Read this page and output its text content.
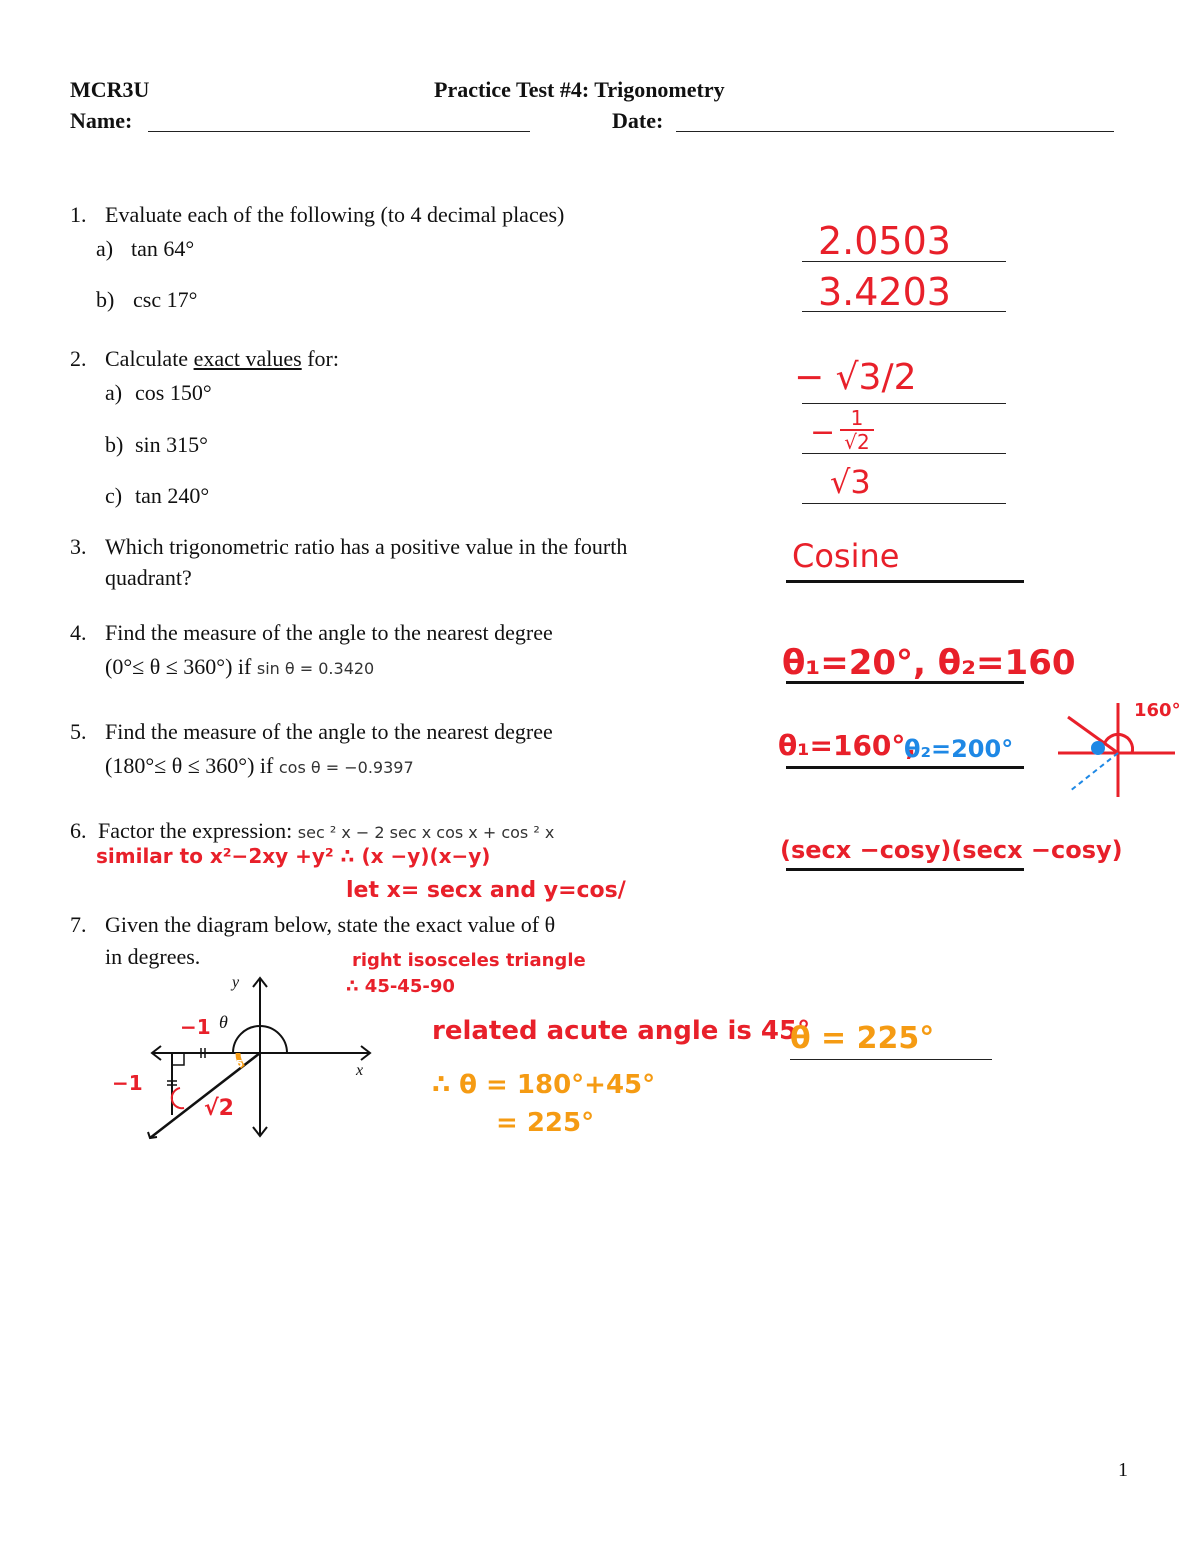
MCR3U	Practice Test #4: Trigonometry
Name:	Date:
1. Evaluate each of the following (to 4 decimal places)
a) tan 64°
b) csc 17°
2.0503
3.4203
2. Calculate exact values for:
a) cos 150°
b) sin 315°
c) tan 240°
− √3/2
− 1
√2
√3
3. Which trigonometric ratio has a positive value in the fourth
quadrant?
Cosine
4. Find the measure of the angle to the nearest degree
(0°≤ θ ≤ 360°) if sin θ = 0.3420	θ₁=20°, θ₂=160
5. Find the measure of the angle to the nearest degree
(180°≤ θ ≤ 360°) if cos θ = −0.9397
θ₁=160°,
θ₂=200°
160°
6. Factor the expression: sec ² x − 2 sec x cos x + cos ² x
similar to x²−2xy +y² ∴ (x −y)(x−y)
let x= secx and y=cos/
(secx −cosy)(secx −cosy)
7. Given the diagram below, state the exact value of θ
in degrees.
y
x
θ
−1
−1
√2
45
right isosceles triangle
∴ 45-45-90
related acute angle is 45°
∴ θ = 180°+45°
= 225°
θ = 225°
1
